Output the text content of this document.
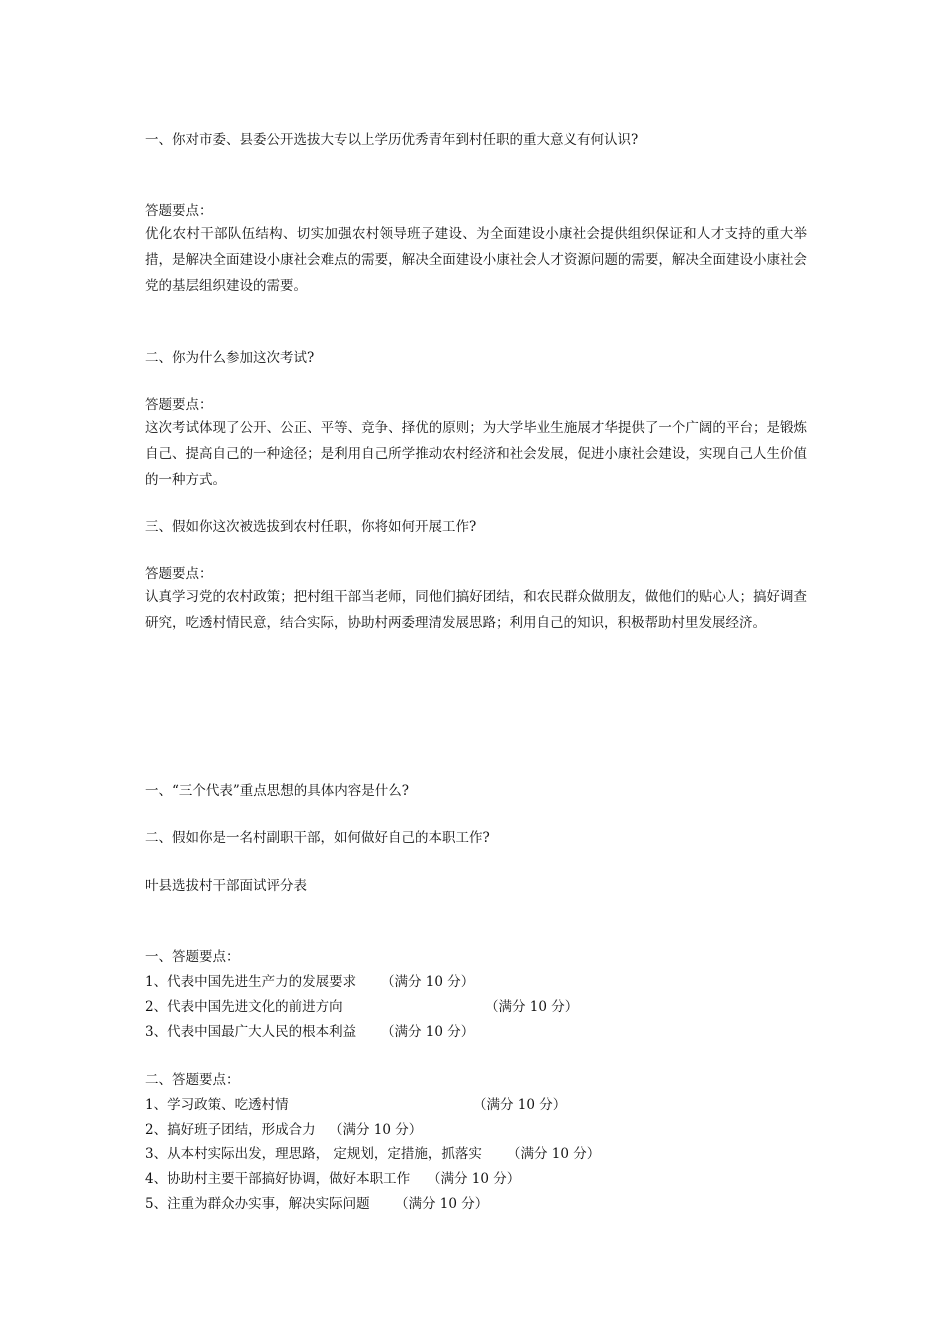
一、你对市委、县委公开选拔大专以上学历优秀青年到村任职的重大意义有何认识?
答题要点：
优化农村干部队伍结构、切实加强农村领导班子建设、为全面建设小康社会提供组织保证和人才支持的重大举措，是解决全面建设小康社会难点的需要，解决全面建设小康社会人才资源问题的需要，解决全面建设小康社会党的基层组织建设的需要。
二、你为什么参加这次考试?
答题要点：
这次考试体现了公开、公正、平等、竞争、择优的原则；为大学毕业生施展才华提供了一个广阔的平台；是锻炼自己、提高自己的一种途径；是利用自己所学推动农村经济和社会发展，促进小康社会建设，实现自己人生价值的一种方式。
三、假如你这次被选拔到农村任职，你将如何开展工作?
答题要点：
认真学习党的农村政策；把村组干部当老师，同他们搞好团结，和农民群众做朋友，做他们的贴心人；搞好调查研究，吃透村情民意，结合实际，协助村两委理清发展思路；利用自己的知识，积极帮助村里发展经济。
一、“三个代表”重点思想的具体内容是什么?
二、假如你是一名村副职干部，如何做好自己的本职工作?
叶县选拔村干部面试评分表
一、答题要点：
1、代表中国先进生产力的发展要求 （满分 10 分）
2、代表中国先进文化的前进方向	（满分 10 分）
3、代表中国最广大人民的根本利益 （满分 10 分）
二、答题要点：
1、学习政策、吃透村情	（满分 10 分）
2、搞好班子团结，形成合力 （满分 10 分）
3、从本村实际出发，理思路， 定规划，定措施，抓落实 （满分 10 分）
4、协助村主要干部搞好协调，做好本职工作 （满分 10 分）
5、注重为群众办实事，解决实际问题 （满分 10 分）
